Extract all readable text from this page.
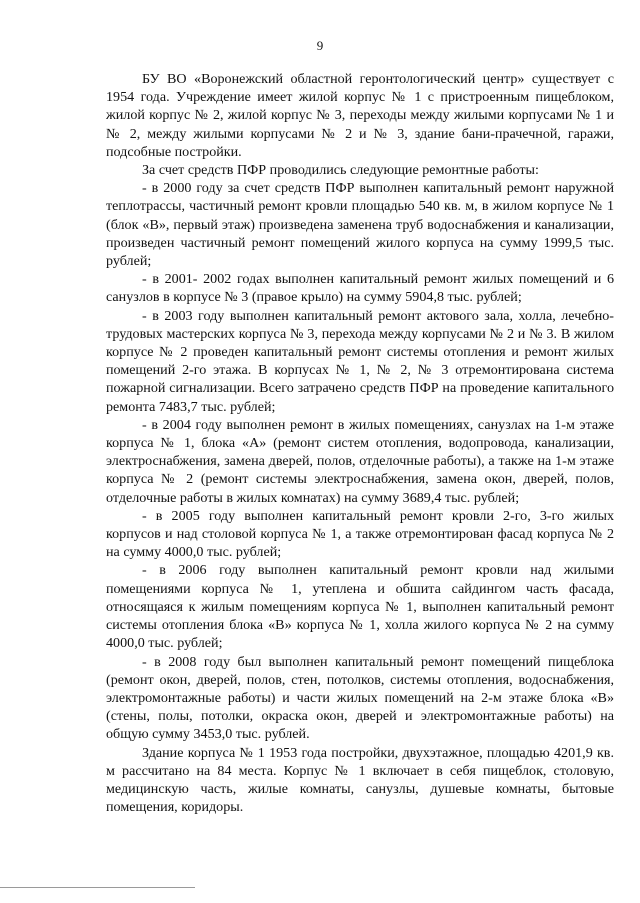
9

БУ ВО «Воронежский областной геронтологический центр» существует с 1954 года. Учреждение имеет жилой корпус № 1 с пристроенным пищеблоком, жилой корпус № 2, жилой корпус № 3, переходы между жилыми корпусами № 1 и № 2, между жилыми корпусами № 2 и № 3, здание бани-прачечной, гаражи, подсобные постройки.

За счет средств ПФР проводились следующие ремонтные работы:

- в 2000 году за счет средств ПФР выполнен капитальный ремонт наружной теплотрассы, частичный ремонт кровли площадью 540 кв. м, в жилом корпусе № 1 (блок «В», первый этаж) произведена заменена труб водоснабжения и канализации, произведен частичный ремонт помещений жилого корпуса на сумму 1999,5 тыс. рублей;

- в 2001- 2002 годах выполнен капитальный ремонт жилых помещений и 6 санузлов в корпусе № 3 (правое крыло) на сумму 5904,8 тыс. рублей;

- в 2003 году выполнен капитальный ремонт актового зала, холла, лечебно-трудовых мастерских корпуса № 3, перехода между корпусами № 2 и № 3. В жилом корпусе № 2 проведен капитальный ремонт системы отопления и ремонт жилых помещений 2-го этажа. В корпусах № 1, № 2, № 3 отремонтирована система пожарной сигнализации. Всего затрачено средств ПФР на проведение капитального ремонта 7483,7 тыс. рублей;

- в 2004 году выполнен ремонт в жилых помещениях, санузлах на 1-м этаже корпуса № 1, блока «А» (ремонт систем отопления, водопровода, канализации, электроснабжения, замена дверей, полов, отделочные работы), а также на 1-м этаже корпуса № 2 (ремонт системы электроснабжения, замена окон, дверей, полов, отделочные работы в жилых комнатах) на сумму 3689,4 тыс. рублей;

- в 2005 году выполнен капитальный ремонт кровли 2-го, 3-го жилых корпусов и над столовой корпуса № 1, а также отремонтирован фасад корпуса № 2 на сумму 4000,0 тыс. рублей;

- в 2006 году выполнен капитальный ремонт кровли над жилыми помещениями корпуса № 1, утеплена и обшита сайдингом часть фасада, относящаяся к жилым помещениям корпуса № 1, выполнен капитальный ремонт системы отопления блока «В» корпуса № 1, холла жилого корпуса № 2 на сумму 4000,0 тыс. рублей;

- в 2008 году был выполнен капитальный ремонт помещений пищеблока (ремонт окон, дверей, полов, стен, потолков, системы отопления, водоснабжения, электромонтажные работы) и части жилых помещений на 2-м этаже блока «В» (стены, полы, потолки, окраска окон, дверей и электромонтажные работы) на общую сумму 3453,0 тыс. рублей.

Здание корпуса № 1 1953 года постройки, двухэтажное, площадью 4201,9 кв. м рассчитано на 84 места. Корпус № 1 включает в себя пищеблок, столовую, медицинскую часть, жилые комнаты, санузлы, душевые комнаты, бытовые помещения, коридоры.
